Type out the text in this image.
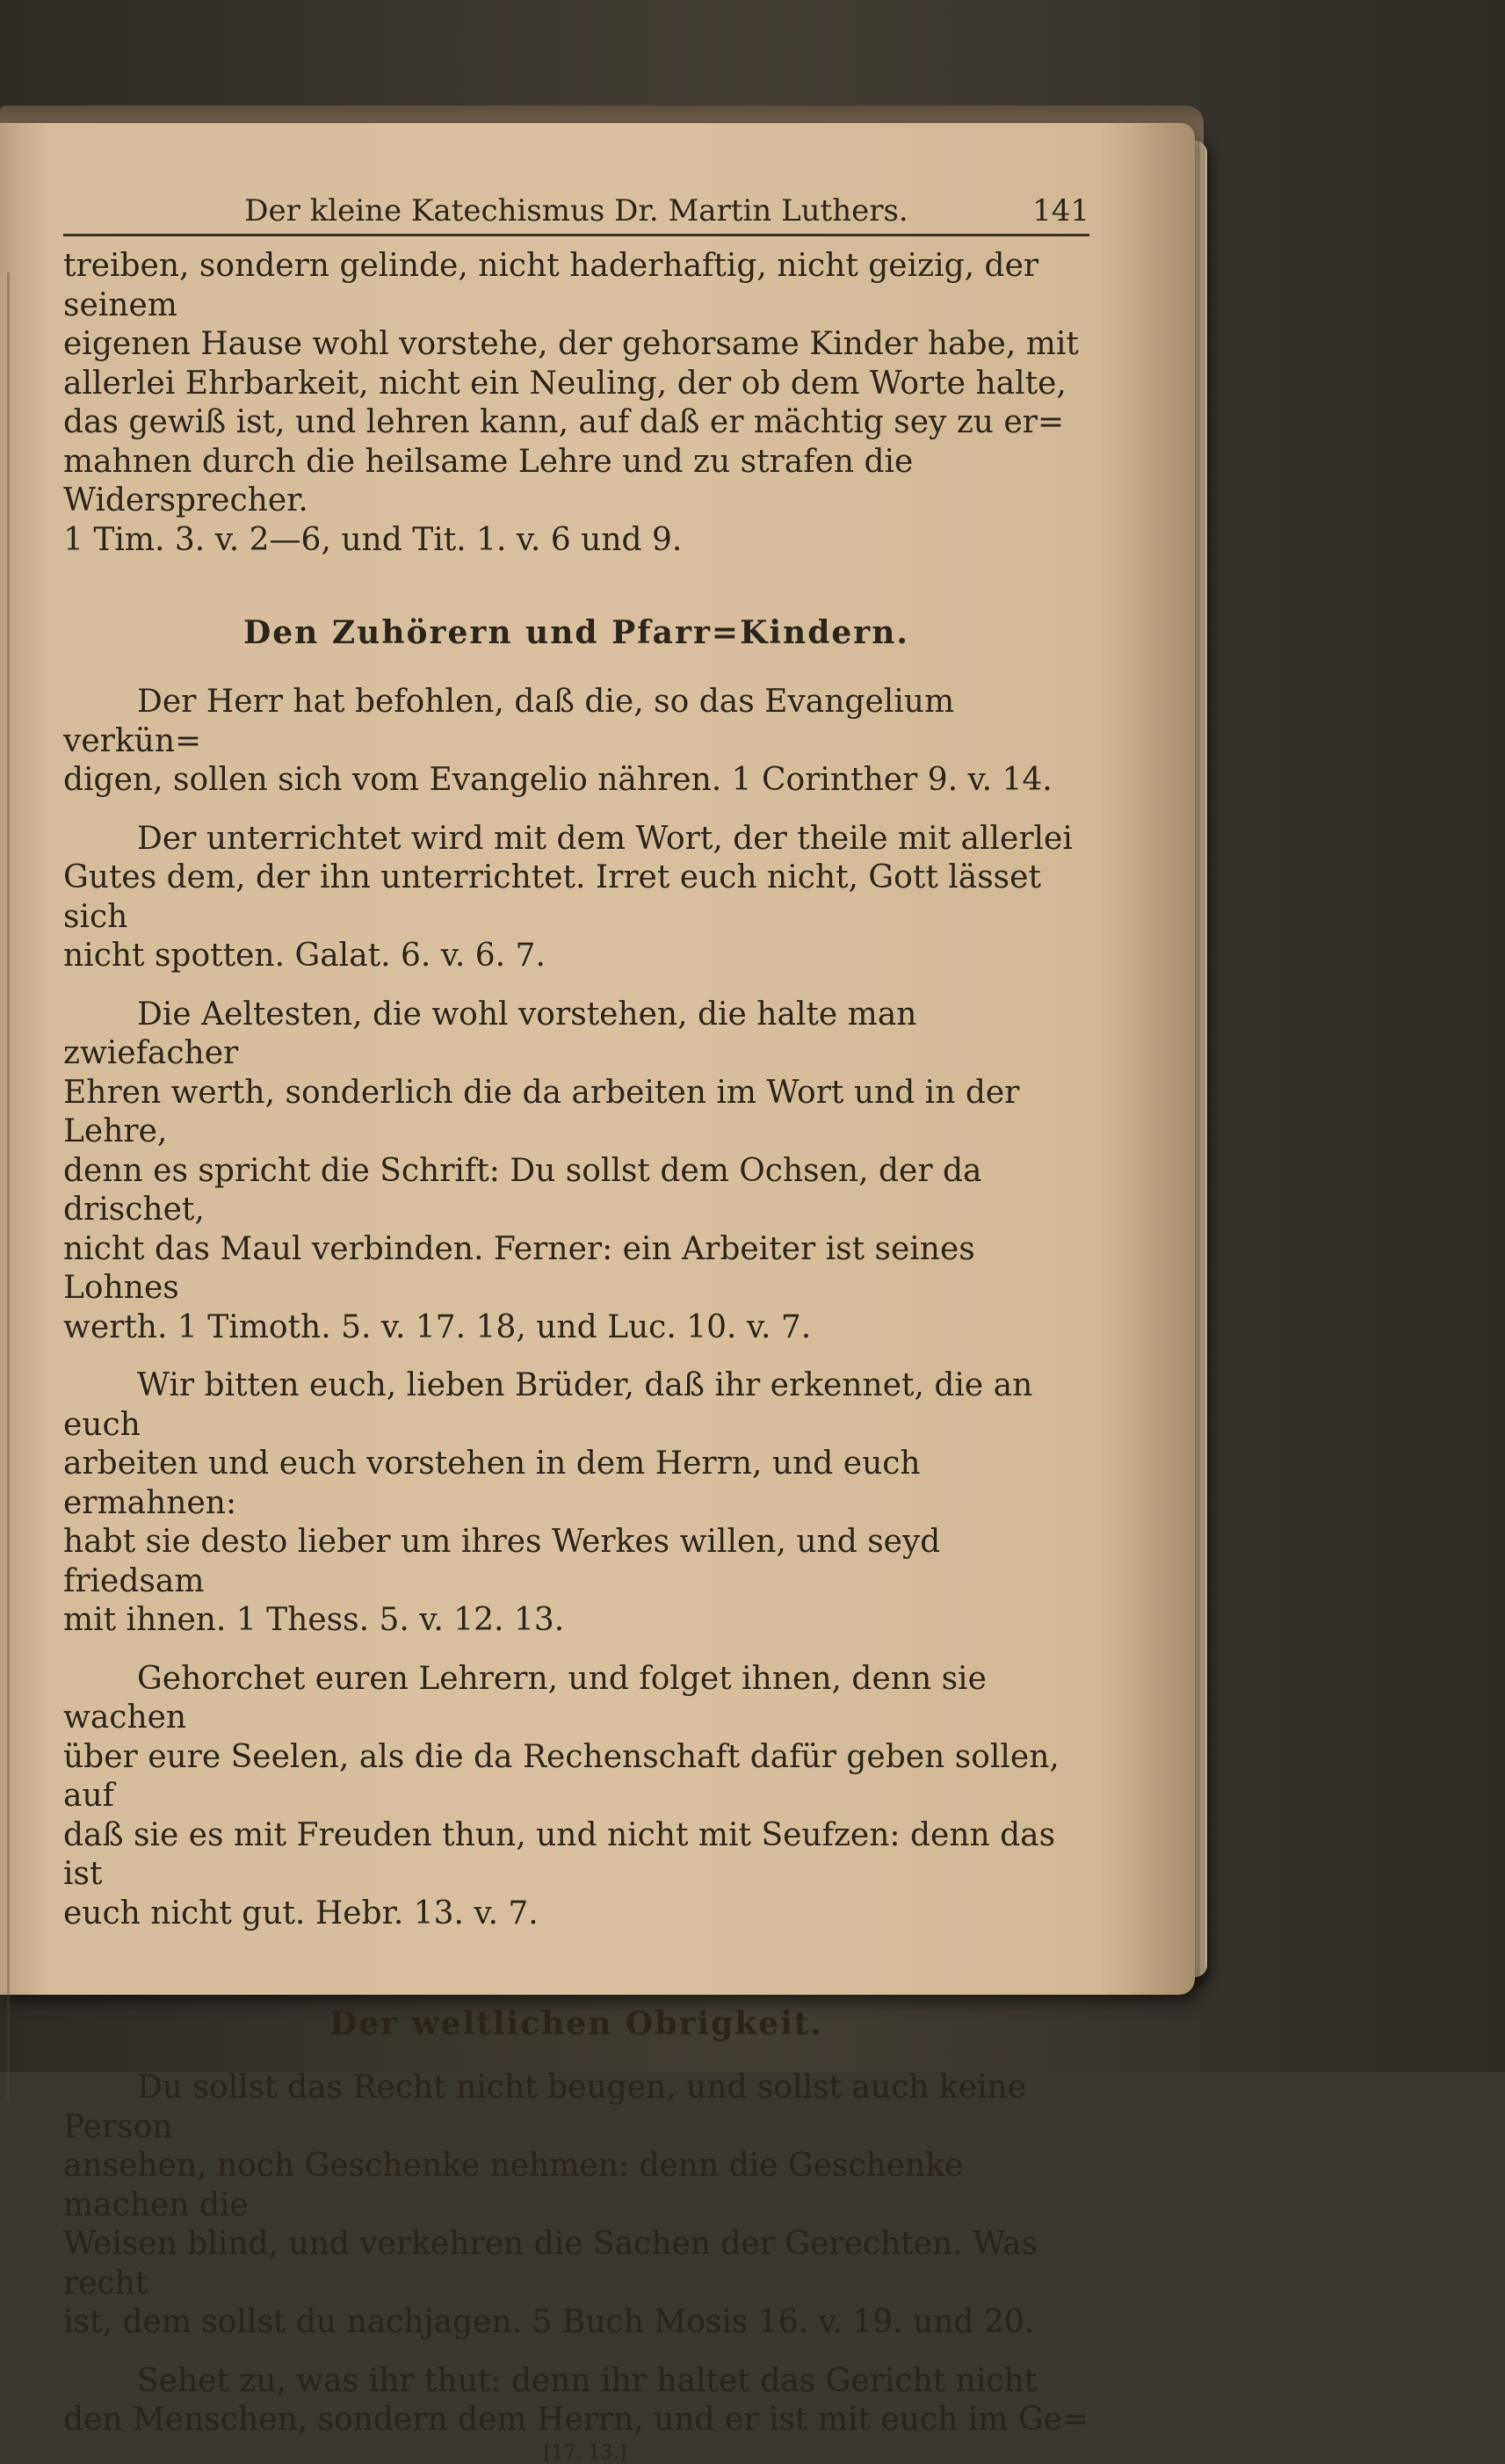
Der kleine Katechismus Dr. Martin Luthers.	141

treiben, sondern gelinde, nicht haderhaftig, nicht geizig, der seinem
eigenen Hause wohl vorstehe, der gehorsame Kinder habe, mit
allerlei Ehrbarkeit, nicht ein Neuling, der ob dem Worte halte,
das gewiß ist, und lehren kann, auf daß er mächtig sey zu er=
mahnen durch die heilsame Lehre und zu strafen die Widersprecher.
1 Tim. 3. v. 2—6, und Tit. 1. v. 6 und 9.

Den Zuhörern und Pfarr=Kindern.

Der Herr hat befohlen, daß die, so das Evangelium verkün=
digen, sollen sich vom Evangelio nähren. 1 Corinther 9. v. 14.

Der unterrichtet wird mit dem Wort, der theile mit allerlei
Gutes dem, der ihn unterrichtet. Irret euch nicht, Gott lässet sich
nicht spotten. Galat. 6. v. 6. 7.

Die Aeltesten, die wohl vorstehen, die halte man zwiefacher
Ehren werth, sonderlich die da arbeiten im Wort und in der Lehre,
denn es spricht die Schrift: Du sollst dem Ochsen, der da drischet,
nicht das Maul verbinden. Ferner: ein Arbeiter ist seines Lohnes
werth. 1 Timoth. 5. v. 17. 18, und Luc. 10. v. 7.

Wir bitten euch, lieben Brüder, daß ihr erkennet, die an euch
arbeiten und euch vorstehen in dem Herrn, und euch ermahnen:
habt sie desto lieber um ihres Werkes willen, und seyd friedsam
mit ihnen. 1 Thess. 5. v. 12. 13.

Gehorchet euren Lehrern, und folget ihnen, denn sie wachen
über eure Seelen, als die da Rechenschaft dafür geben sollen, auf
daß sie es mit Freuden thun, und nicht mit Seufzen: denn das ist
euch nicht gut. Hebr. 13. v. 7.

Der weltlichen Obrigkeit.

Du sollst das Recht nicht beugen, und sollst auch keine Person
ansehen, noch Geschenke nehmen: denn die Geschenke machen die
Weisen blind, und verkehren die Sachen der Gerechten. Was recht
ist, dem sollst du nachjagen. 5 Buch Mosis 16. v. 19. und 20.

Sehet zu, was ihr thut: denn ihr haltet das Gericht nicht
den Menschen, sondern dem Herrn, und er ist mit euch im Ge=

[17. 13.]
